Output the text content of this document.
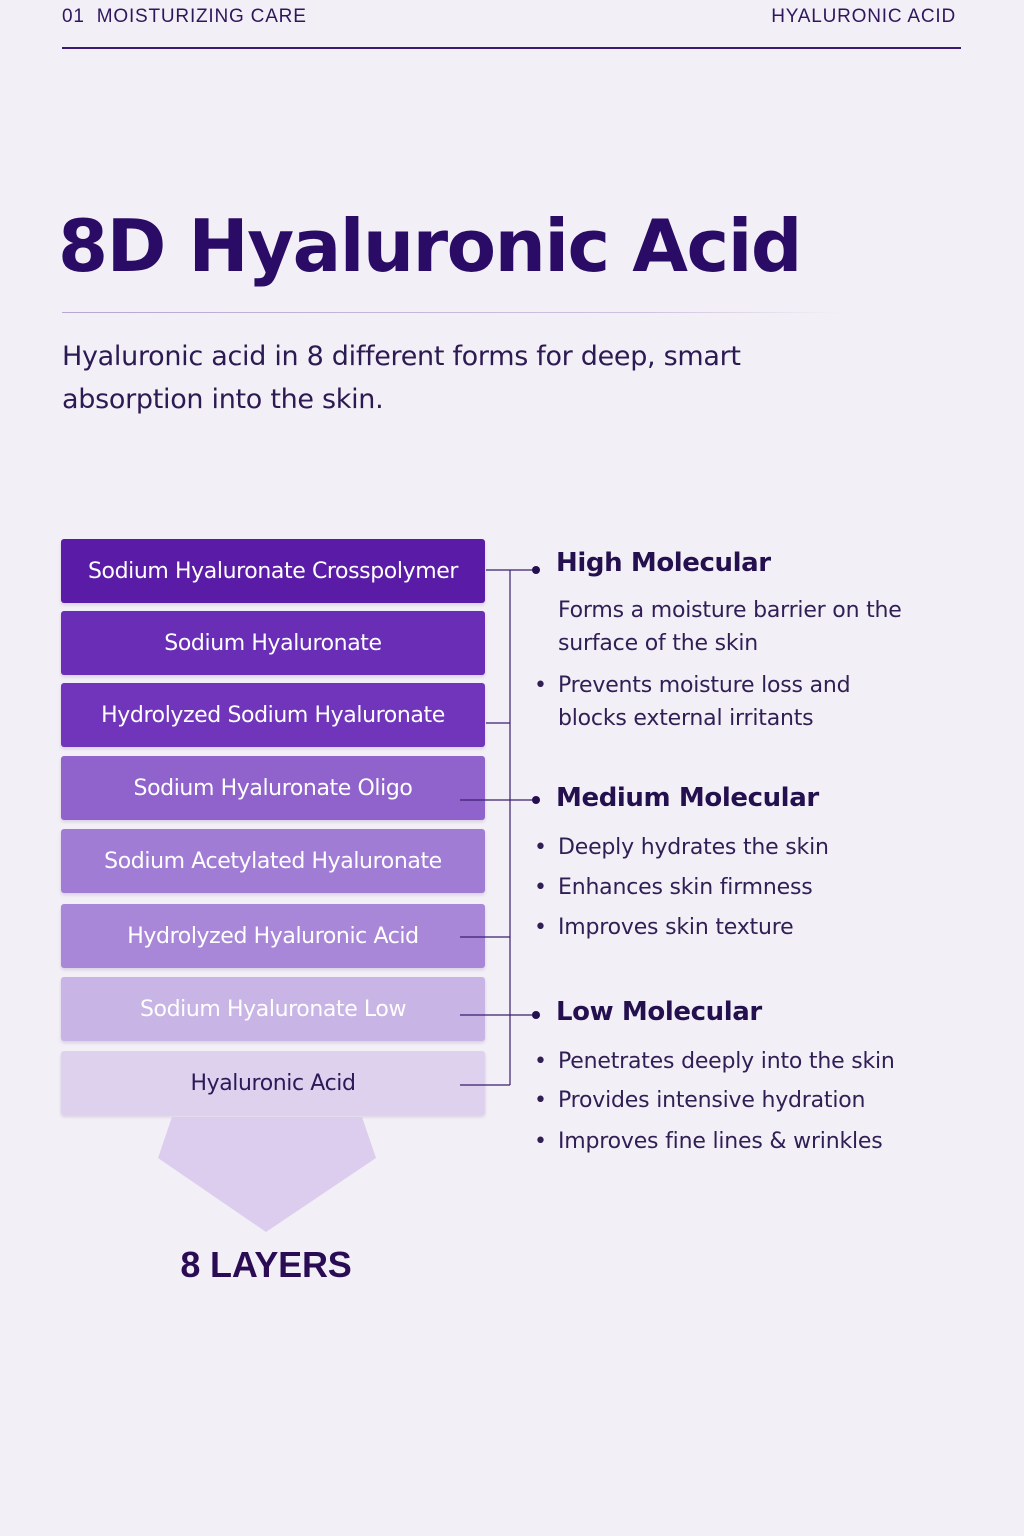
01 MOISTURIZING CARE	HYALURONIC ACID
8D Hyaluronic Acid

Hyaluronic acid in 8 different forms for deep, smart absorption into the skin.

Sodium Hyaluronate Crosspolymer
Sodium Hyaluronate
Hydrolyzed Sodium Hyaluronate
Sodium Hyaluronate Oligo
Sodium Acetylated Hyaluronate
Hydrolyzed Hyaluronic Acid
Sodium Hyaluronate Low
Hyaluronic Acid
8 LAYERS
High Molecular
Forms a moisture barrier on the surface of the skin
• Prevents moisture loss and blocks external irritants
Medium Molecular
• Deeply hydrates the skin
• Enhances skin firmness
• Improves skin texture
Low Molecular
• Penetrates deeply into the skin
• Provides intensive hydration
• Improves fine lines & wrinkles
